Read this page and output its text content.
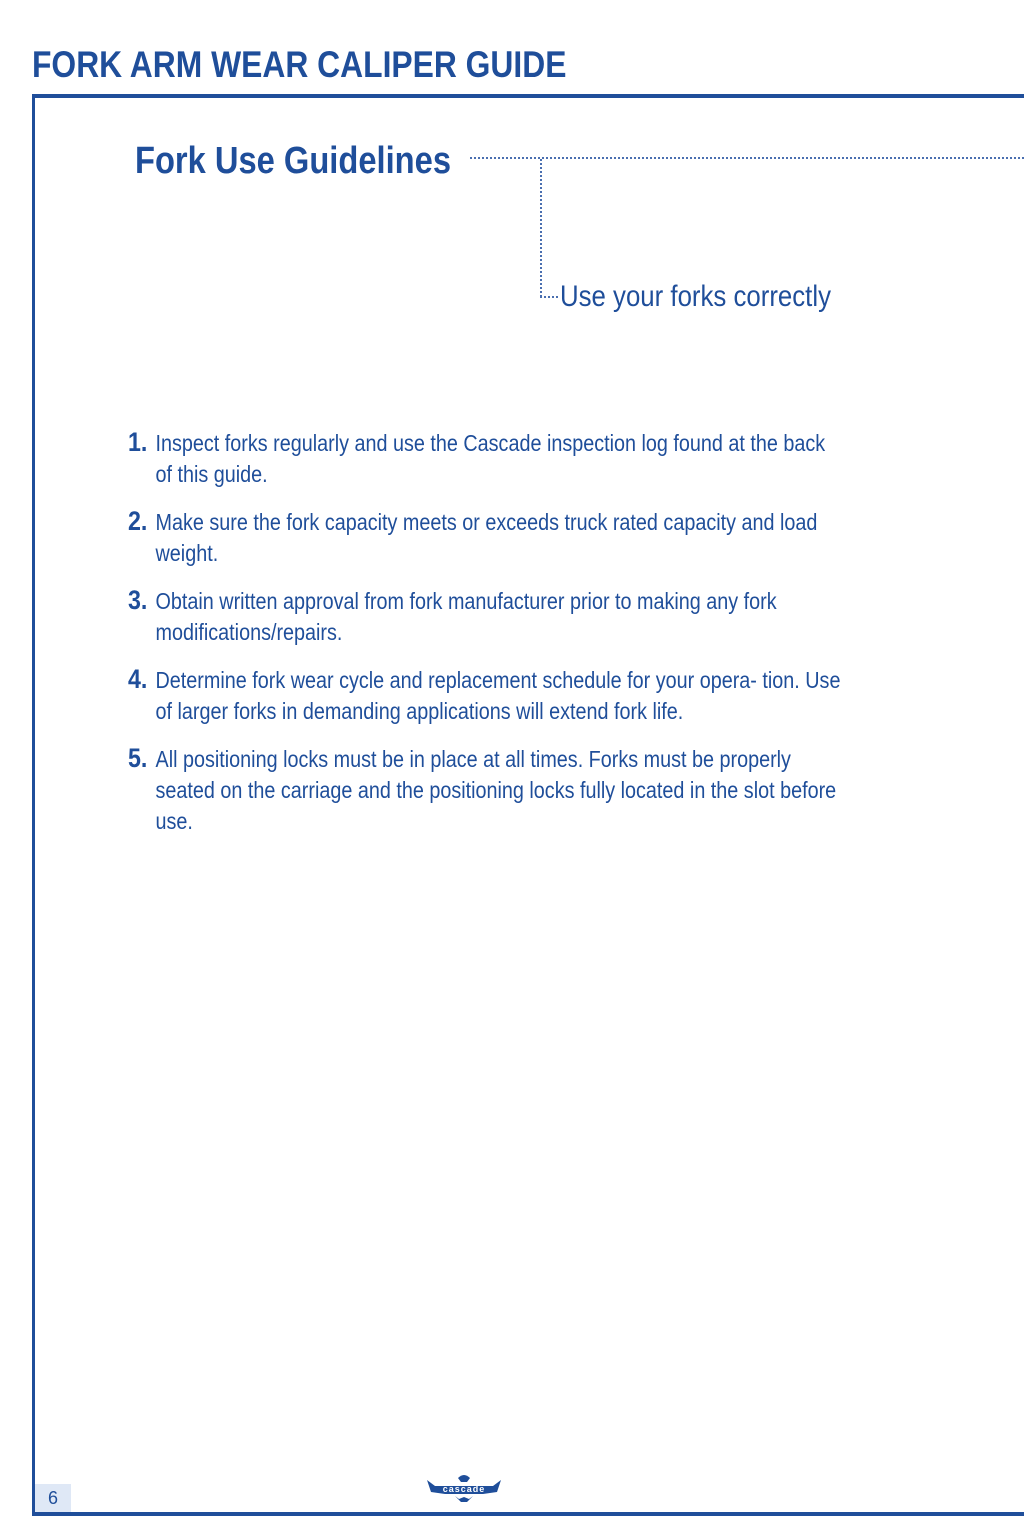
FORK ARM WEAR CALIPER GUIDE
Fork Use Guidelines
Use your forks correctly
1. Inspect forks regularly and use the Cascade inspection log found at the back of this guide.
2. Make sure the fork capacity meets or exceeds truck rated capacity and load weight.
3. Obtain written approval from fork manufacturer prior to making any fork modifications/repairs.
4. Determine fork wear cycle and replacement schedule for your opera- tion. Use of larger forks in demanding applications will extend fork life.
5. All positioning locks must be in place at all times. Forks must be properly seated on the carriage and the positioning locks fully located in the slot before use.
6	cascade
